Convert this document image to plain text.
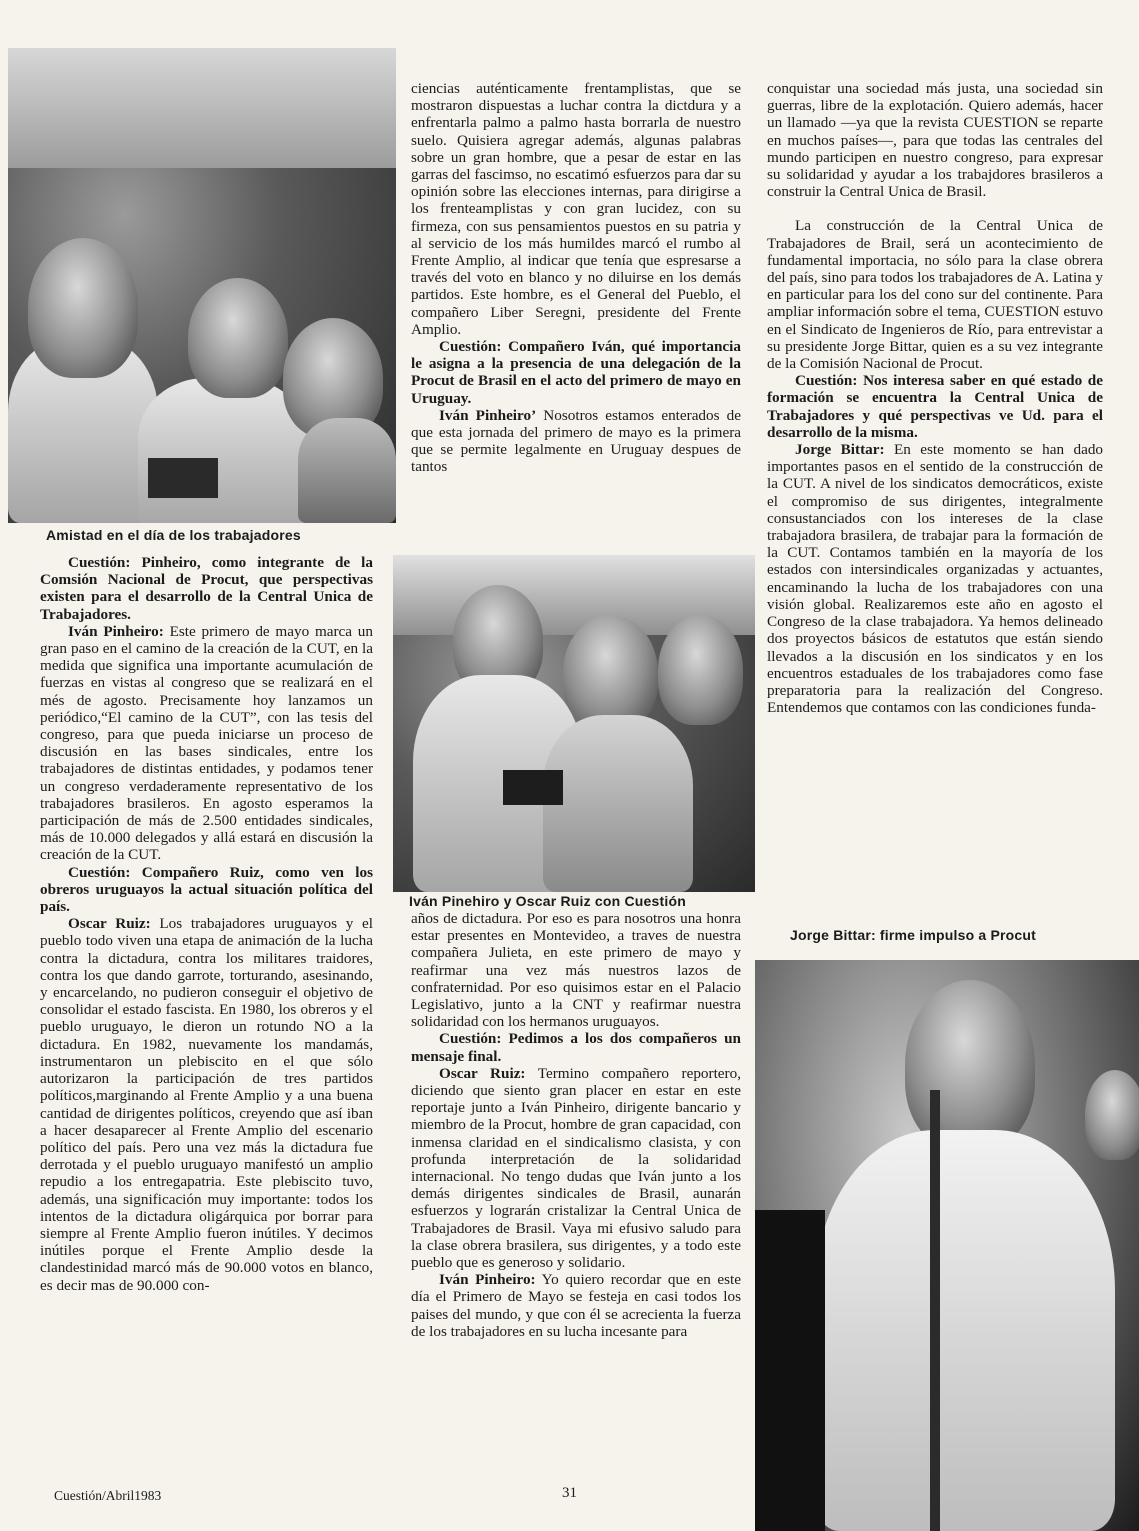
Amistad en el día de los trabajadores
Iván Pinehiro y Oscar Ruiz con Cuestión
Jorge Bittar: firme impulso a Procut

Cuestión: Pinheiro, como integrante de la Comsión Nacional de Procut, que perspectivas existen para el desarrollo de la Central Unica de Trabajadores.

Iván Pinheiro: Este primero de mayo marca un gran paso en el camino de la creación de la CUT, en la medida que significa una importante acumulación de fuerzas en vistas al congreso que se realizará en el més de agosto. Precisamente hoy lanzamos un periódico,“El camino de la CUT”, con las tesis del congreso, para que pueda iniciarse un proceso de discusión en las bases sindicales, entre los trabajadores de distintas entidades, y podamos tener un congreso verdaderamente representativo de los trabajadores brasileros. En agosto esperamos la participación de más de 2.500 entidades sindicales, más de 10.000 delegados y allá estará en discusión la creación de la CUT.

Cuestión: Compañero Ruiz, como ven los obreros uruguayos la actual situación política del país.

Oscar Ruiz: Los trabajadores uruguayos y el pueblo todo viven una etapa de animación de la lucha contra la dictadura, contra los militares traidores, contra los que dando garrote, torturando, asesinando, y encarcelando, no pudieron conseguir el objetivo de consolidar el estado fascista. En 1980, los obreros y el pueblo uruguayo, le dieron un rotundo NO a la dictadura. En 1982, nuevamente los mandamás, instrumentaron un plebiscito en el que sólo autorizaron la participación de tres partidos políticos,marginando al Frente Amplio y a una buena cantidad de dirigentes políticos, creyendo que así iban a hacer desaparecer al Frente Amplio del escenario político del país. Pero una vez más la dictadura fue derrotada y el pueblo uruguayo manifestó un amplio repudio a los entregapatria. Este plebiscito tuvo, además, una significación muy importante: todos los intentos de la dictadura oligárquica por borrar para siempre al Frente Amplio fueron inútiles. Y decimos inútiles porque el Frente Amplio desde la clandestinidad marcó más de 90.000 votos en blanco, es decir mas de 90.000 con-

ciencias auténticamente frentamplistas, que se mostraron dispuestas a luchar contra la dictdura y a enfrentarla palmo a palmo hasta borrarla de nuestro suelo. Quisiera agregar además, algunas palabras sobre un gran hombre, que a pesar de estar en las garras del fascimso, no escatimó esfuerzos para dar su opinión sobre las elecciones internas, para dirigirse a los frenteamplistas y con gran lucidez, con su firmeza, con sus pensamientos puestos en su patria y al servicio de los más humildes marcó el rumbo al Frente Amplio, al indicar que tenía que espresarse a través del voto en blanco y no diluirse en los demás partidos. Este hombre, es el General del Pueblo, el compañero Liber Seregni, presidente del Frente Amplio.

Cuestión: Compañero Iván, qué importancia le asigna a la presencia de una delegación de la Procut de Brasil en el acto del primero de mayo en Uruguay.

Iván Pinheiro’ Nosotros estamos enterados de que esta jornada del primero de mayo es la primera que se permite legalmente en Uruguay despues de tantos

años de dictadura. Por eso es para nosotros una honra estar presentes en Montevideo, a traves de nuestra compañera Julieta, en este primero de mayo y reafirmar una vez más nuestros lazos de confraternidad. Por eso quisimos estar en el Palacio Legislativo, junto a la CNT y reafirmar nuestra solidaridad con los hermanos uruguayos.

Cuestión: Pedimos a los dos compañeros un mensaje final.

Oscar Ruiz: Termino compañero reportero, diciendo que siento gran placer en estar en este reportaje junto a Iván Pinheiro, dirigente bancario y miembro de la Procut, hombre de gran capacidad, con inmensa claridad en el sindicalismo clasista, y con profunda interpretación de la solidaridad internacional. No tengo dudas que Iván junto a los demás dirigentes sindicales de Brasil, aunarán esfuerzos y lograrán cristalizar la Central Unica de Trabajadores de Brasil. Vaya mi efusivo saludo para la clase obrera brasilera, sus dirigentes, y a todo este pueblo que es generoso y solidario.

Iván Pinheiro: Yo quiero recordar que en este día el Primero de Mayo se festeja en casi todos los paises del mundo, y que con él se acrecienta la fuerza de los trabajadores en su lucha incesante para

conquistar una sociedad más justa, una sociedad sin guerras, libre de la explotación. Quiero además, hacer un llamado —ya que la revista CUESTION se reparte en muchos países—, para que todas las centrales del mundo participen en nuestro congreso, para expresar su solidaridad y ayudar a los trabajdores brasileros a construir la Central Unica de Brasil.

La construcción de la Central Unica de Trabajadores de Brail, será un acontecimiento de fundamental importacia, no sólo para la clase obrera del país, sino para todos los trabajadores de A. Latina y en particular para los del cono sur del continente. Para ampliar información sobre el tema, CUESTION estuvo en el Sindicato de Ingenieros de Río, para entrevistar a su presidente Jorge Bittar, quien es a su vez integrante de la Comisión Nacional de Procut.

Cuestión: Nos interesa saber en qué estado de formación se encuentra la Central Unica de Trabajadores y qué perspectivas ve Ud. para el desarrollo de la misma.

Jorge Bittar: En este momento se han dado importantes pasos en el sentido de la construcción de la CUT. A nivel de los sindicatos democráticos, existe el compromiso de sus dirigentes, integralmente consustanciados con los intereses de la clase trabajadora brasilera, de trabajar para la formación de la CUT. Contamos también en la mayoría de los estados con intersindicales organizadas y actuantes, encaminando la lucha de los trabajadores con una visión global. Realizaremos este año en agosto el Congreso de la clase trabajadora. Ya hemos delineado dos proyectos básicos de estatutos que están siendo llevados a la discusión en los sindicatos y en los encuentros estaduales de los trabajadores como fase preparatoria para la realización del Congreso. Entendemos que contamos con las condiciones funda-

Cuestión/Abril1983	31
